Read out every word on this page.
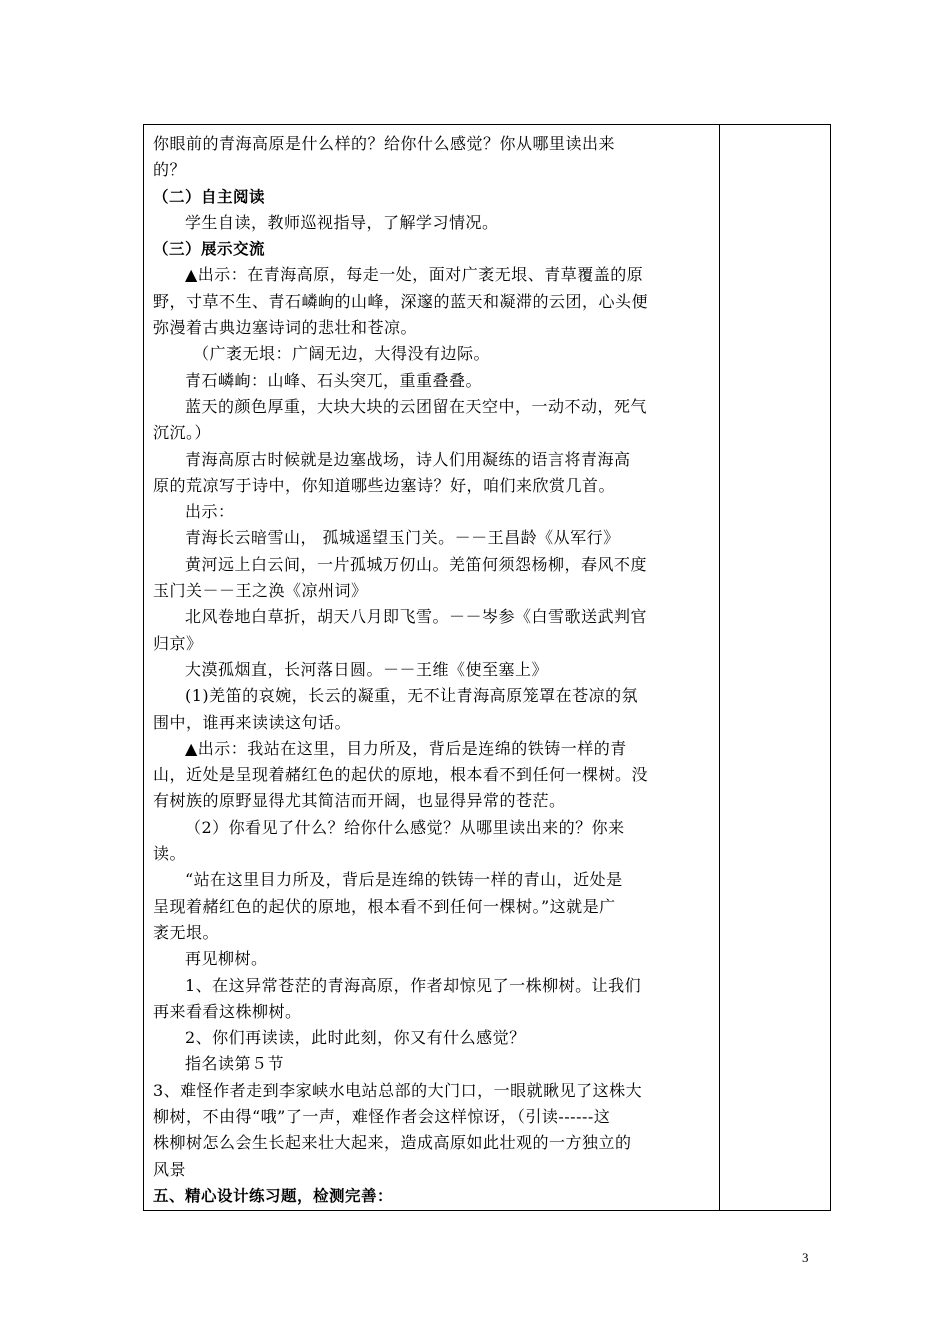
你眼前的青海高原是什么样的？给你什么感觉？你从哪里读出来
的？
（二）自主阅读
学生自读，教师巡视指导，了解学习情况。
（三）展示交流
▲出示：在青海高原，每走一处，面对广袤无垠、青草覆盖的原
野，寸草不生、青石嶙峋的山峰，深邃的蓝天和凝滞的云团，心头便
弥漫着古典边塞诗词的悲壮和苍凉。
（广袤无垠：广阔无边，大得没有边际。
青石嶙峋：山峰、石头突兀，重重叠叠。
蓝天的颜色厚重，大块大块的云团留在天空中，一动不动，死气
沉沉。）
青海高原古时候就是边塞战场，诗人们用凝练的语言将青海高
原的荒凉写于诗中，你知道哪些边塞诗？好，咱们来欣赏几首。
出示：
青海长云暗雪山， 孤城遥望玉门关。－－王昌龄《从军行》
黄河远上白云间，一片孤城万仞山。羌笛何须怨杨柳，春风不度
玉门关－－王之涣《凉州词》
北风卷地白草折，胡天八月即飞雪。－－岑参《白雪歌送武判官
归京》
大漠孤烟直，长河落日圆。－－王维《使至塞上》
(1)羌笛的哀婉，长云的凝重，无不让青海高原笼罩在苍凉的氛
围中，谁再来读读这句话。
▲出示：我站在这里，目力所及，背后是连绵的铁铸一样的青
山，近处是呈现着赭红色的起伏的原地，根本看不到任何一棵树。没
有树族的原野显得尤其简洁而开阔，也显得异常的苍茫。
（2）你看见了什么？给你什么感觉？从哪里读出来的？你来
读。
“站在这里目力所及，背后是连绵的铁铸一样的青山，近处是
呈现着赭红色的起伏的原地，根本看不到任何一棵树。”这就是广
袤无垠。
再见柳树。
1、在这异常苍茫的青海高原，作者却惊见了一株柳树。让我们
再来看看这株柳树。
2、你们再读读，此时此刻，你又有什么感觉？
指名读第５节
3、难怪作者走到李家峡水电站总部的大门口，一眼就瞅见了这株大
柳树，不由得“哦”了一声，难怪作者会这样惊讶，（引读------这
株柳树怎么会生长起来壮大起来，造成高原如此壮观的一方独立的
风景
五、精心设计练习题，检测完善：
3
